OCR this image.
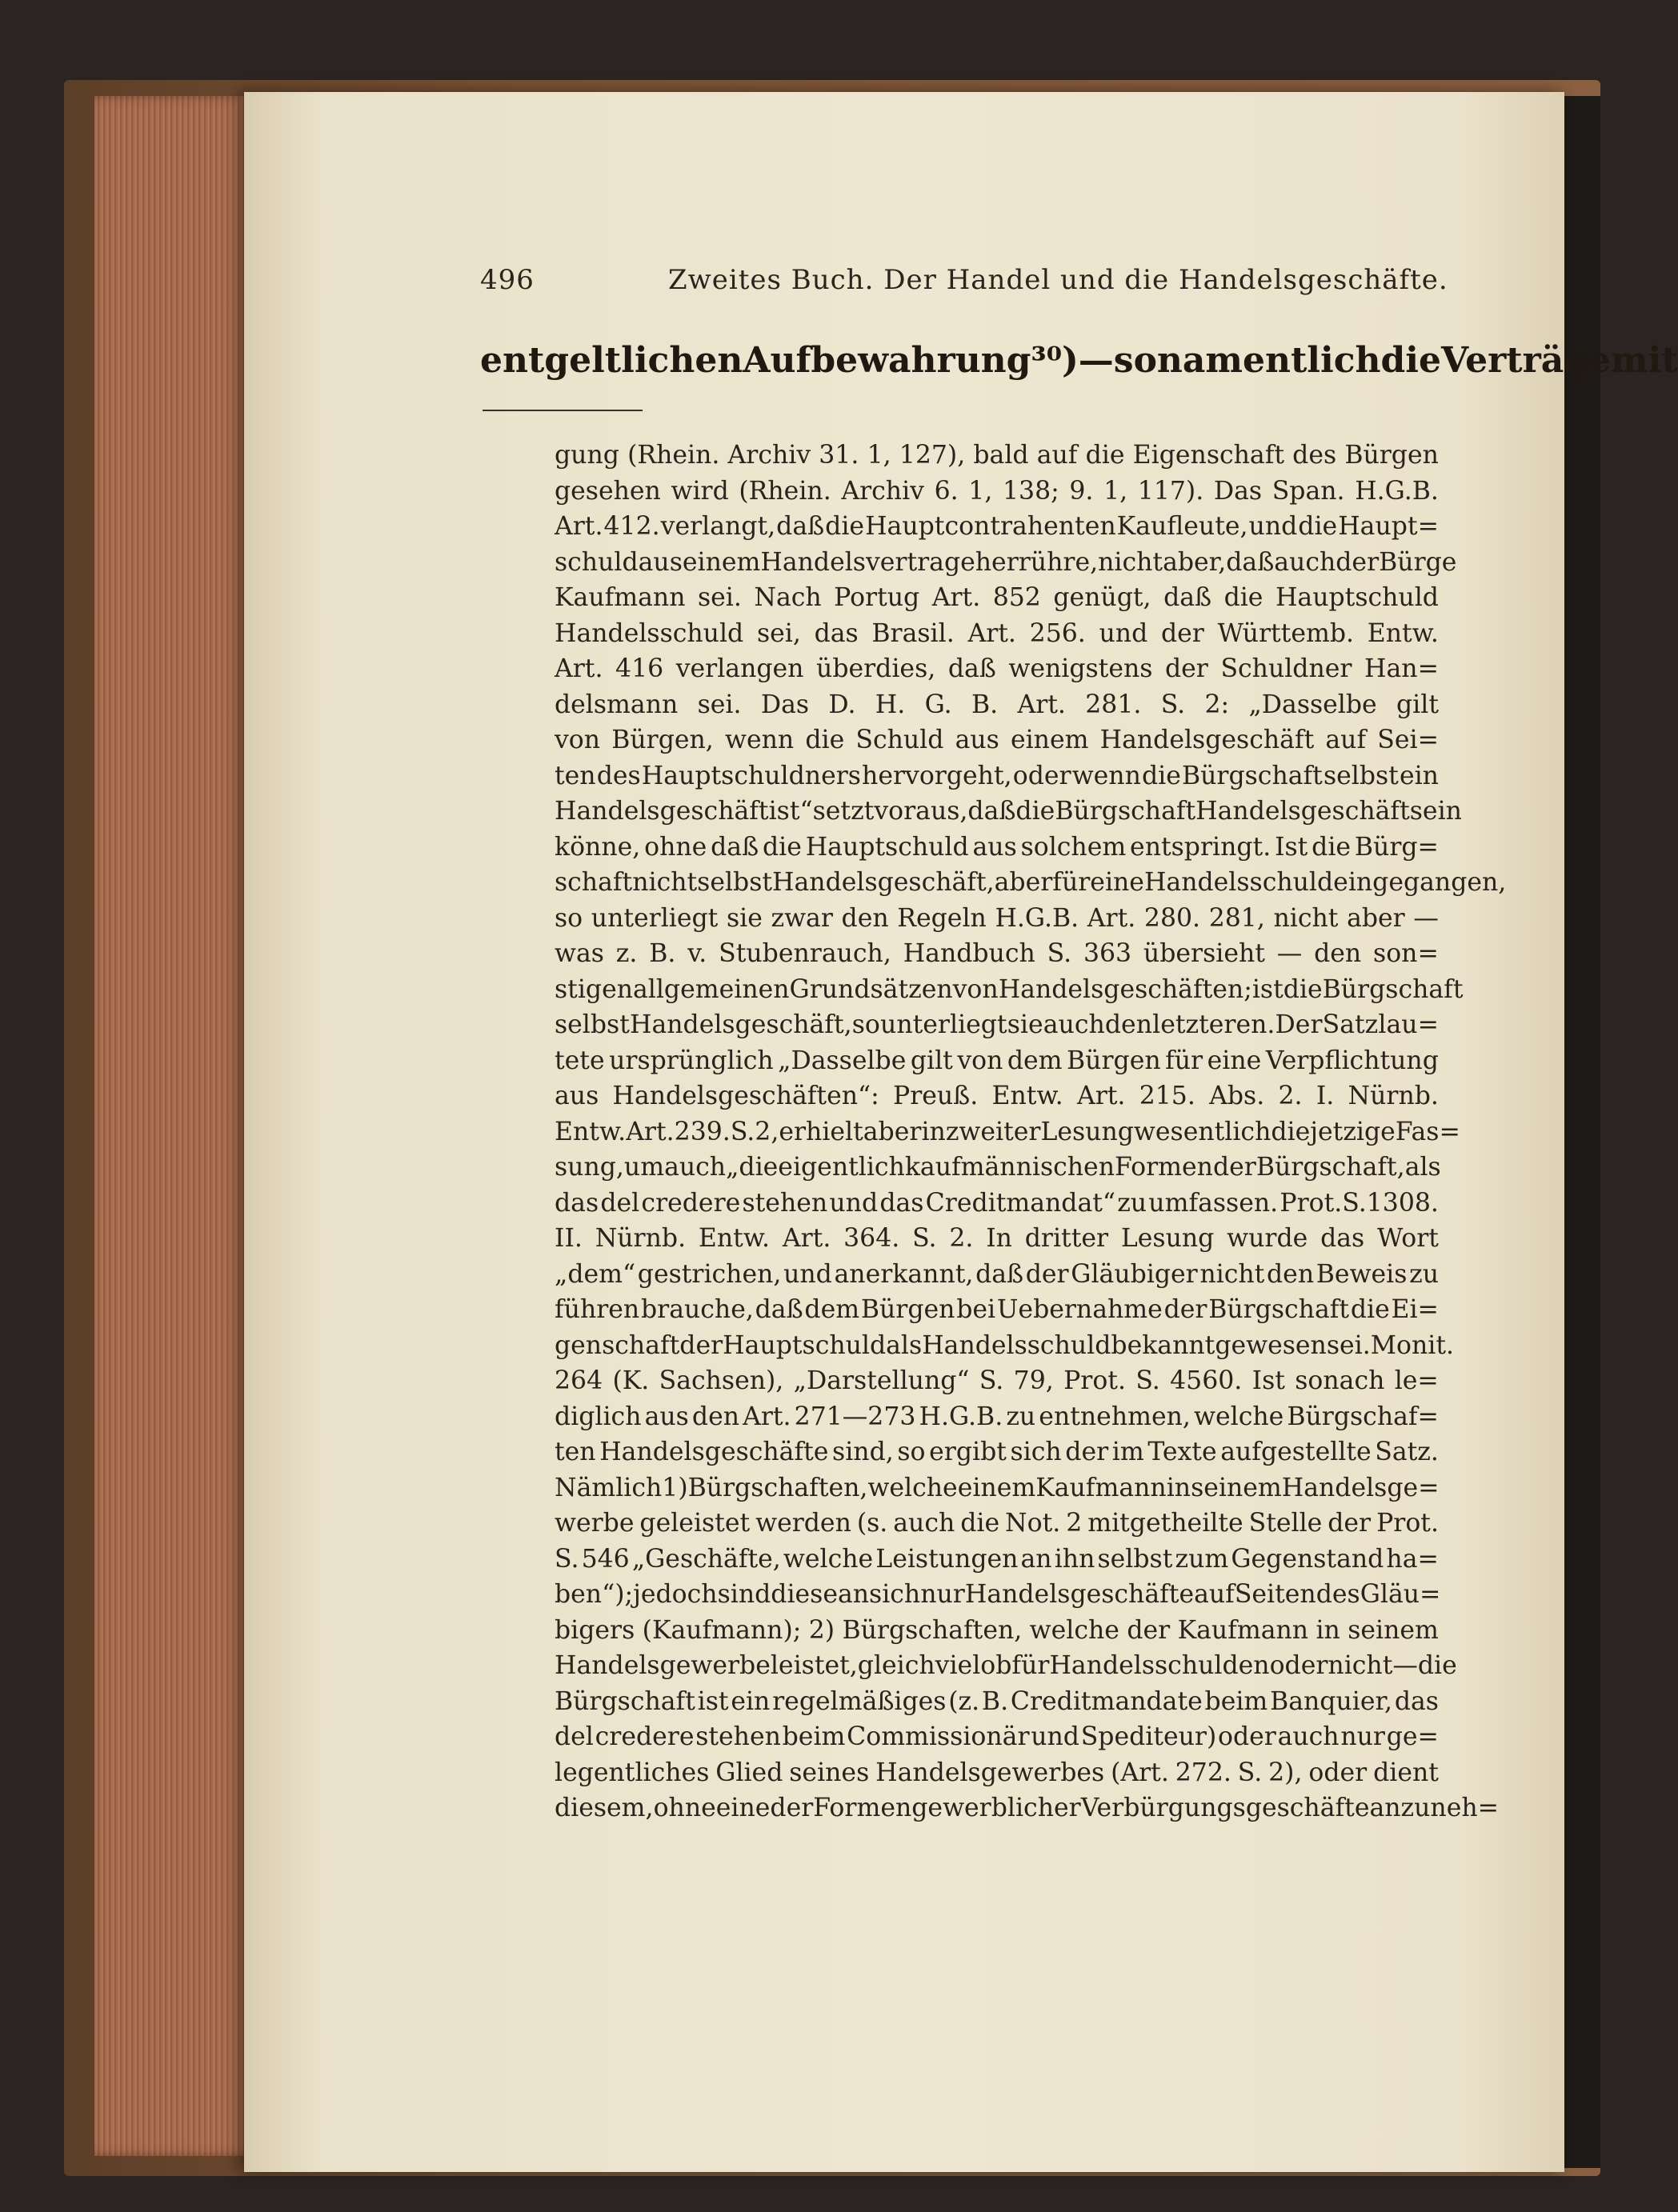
496	Zweites Buch. Der Handel und die Handelsgeschäfte.
entgeltlichen Aufbewahrung³⁰) — so namentlich die Verträge mit
gung (Rhein. Archiv 31. 1, 127), bald auf die Eigenschaft des Bürgen
gesehen wird (Rhein. Archiv 6. 1, 138; 9. 1, 117). Das Span. H.G.B.
Art. 412. verlangt, daß die Hauptcontrahenten Kaufleute, und die Haupt=
schuld aus einem Handelsvertrage herrühre, nicht aber, daß auch der Bürge
Kaufmann sei. Nach Portug Art. 852 genügt, daß die Hauptschuld
Handelsschuld sei, das Brasil. Art. 256. und der Württemb. Entw.
Art. 416 verlangen überdies, daß wenigstens der Schuldner Han=
delsmann sei. Das D. H. G. B. Art. 281. S. 2: „Dasselbe gilt
von Bürgen, wenn die Schuld aus einem Handelsgeschäft auf Sei=
ten des Hauptschuldners hervorgeht, oder wenn die Bürgschaft selbst ein
Handelsgeschäft ist“ setzt voraus, daß die Bürgschaft Handelsgeschäft sein
könne, ohne daß die Hauptschuld aus solchem entspringt. Ist die Bürg=
schaft nicht selbst Handelsgeschäft, aber für eine Handelsschuld eingegangen,
so unterliegt sie zwar den Regeln H.G.B. Art. 280. 281, nicht aber —
was z. B. v. Stubenrauch, Handbuch S. 363 übersieht — den son=
stigen allgemeinen Grundsätzen von Handelsgeschäften; ist die Bürgschaft
selbst Handelsgeschäft, so unterliegt sie auch den letzteren. Der Satz lau=
tete ursprünglich „Dasselbe gilt von dem Bürgen für eine Verpflichtung
aus Handelsgeschäften“: Preuß. Entw. Art. 215. Abs. 2. I. Nürnb.
Entw. Art.239. S.2, erhielt aber in zweiter Lesung wesentlich die jetzige Fas=
sung, um auch „die eigentlich kaufmännischen Formen der Bürgschaft, als
das del credere stehen und das Creditmandat“ zu umfassen. Prot.S.1308.
II. Nürnb. Entw. Art. 364. S. 2. In dritter Lesung wurde das Wort
„dem“ gestrichen, und anerkannt, daß der Gläubiger nicht den Beweis zu
führen brauche, daß dem Bürgen bei Uebernahme der Bürgschaft die Ei=
genschaft der Hauptschuld als Handelsschuld bekannt gewesen sei. Monit.
264 (K. Sachsen), „Darstellung“ S. 79, Prot. S. 4560. Ist sonach le=
diglich aus den Art. 271—273 H.G.B. zu entnehmen, welche Bürgschaf=
ten Handelsgeschäfte sind, so ergibt sich der im Texte aufgestellte Satz.
Nämlich 1) Bürgschaften, welche einem Kaufmann in seinem Handelsge=
werbe geleistet werden (s. auch die Not. 2 mitgetheilte Stelle der Prot.
S. 546 „Geschäfte, welche Leistungen an ihn selbst zum Gegenstand ha=
ben“); jedoch sind diese an sich nur Handelsgeschäfte auf Seiten des Gläu=
bigers (Kaufmann); 2) Bürgschaften, welche der Kaufmann in seinem
Handelsgewerbe leistet, gleichviel ob für Handelsschulden oder nicht — die
Bürgschaft ist ein regelmäßiges (z. B. Creditmandate beim Banquier, das
del credere stehen beim Commissionär und Spediteur) oder auch nur ge=
legentliches Glied seines Handelsgewerbes (Art. 272. S. 2), oder dient
diesem, ohne eine der Formen gewerblicher Verbürgungsgeschäfte anzuneh=
